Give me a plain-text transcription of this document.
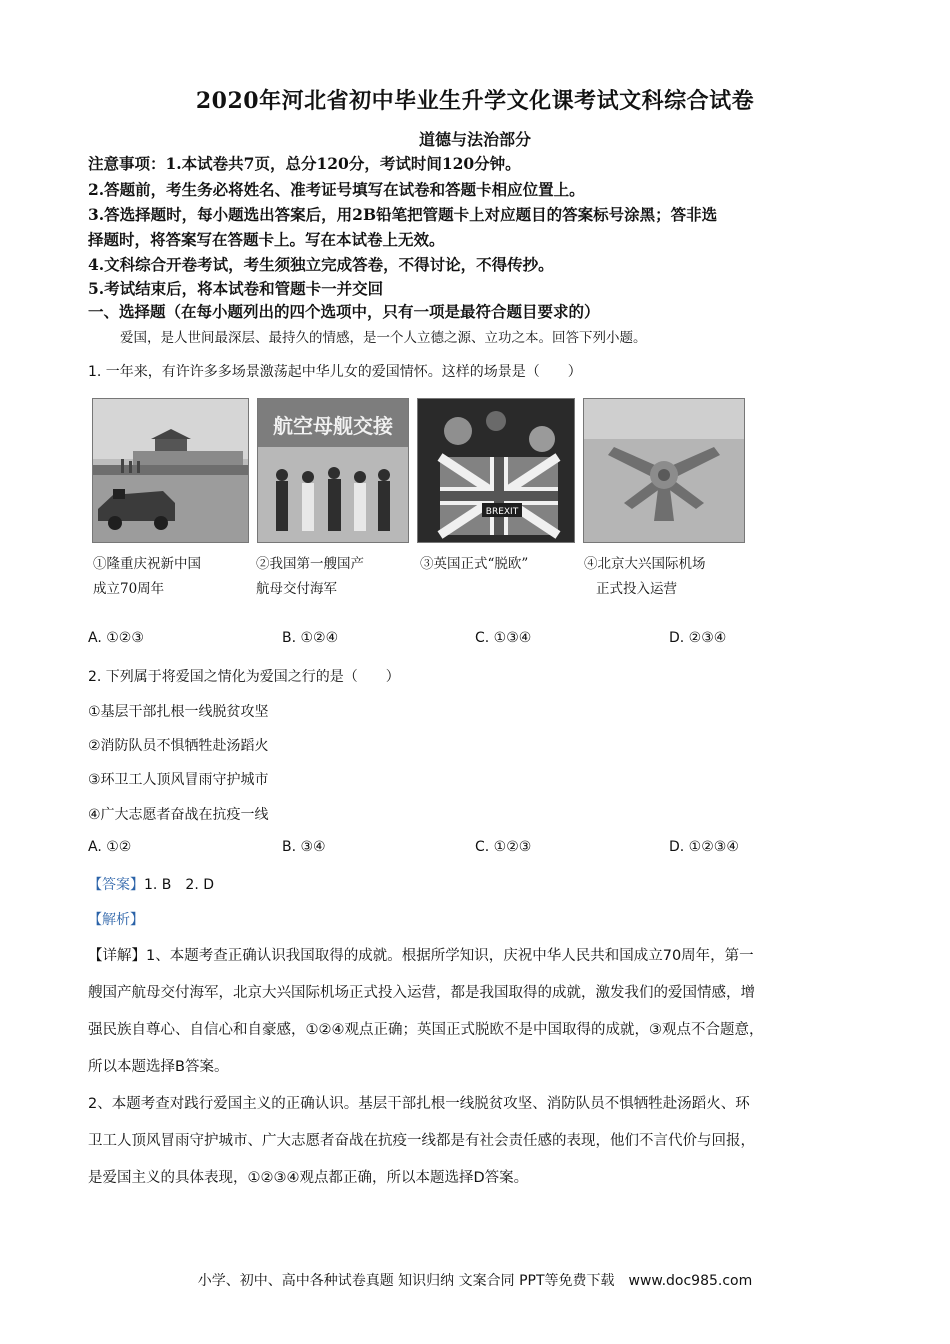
2020年河北省初中毕业生升学文化课考试文科综合试卷
道德与法治部分
注意事项：1.本试卷共7页，总分120分，考试时间120分钟。
2.答题前，考生务必将姓名、准考证号填写在试卷和答题卡相应位置上。
3.答选择题时，每小题选出答案后，用2B铅笔把管题卡上对应题目的答案标号涂黑；答非选
择题时，将答案写在答题卡上。写在本试卷上无效。
4.文科综合开卷考试，考生须独立完成答卷，不得讨论，不得传抄。
5.考试结束后，将本试卷和管题卡一并交回
一、选择题（在每小题列出的四个选项中，只有一项是最符合题目要求的）
爱国，是人世间最深层、最持久的情感，是一个人立德之源、立功之本。回答下列小题。
1. 一年来，有许许多多场景激荡起中华儿女的爱国情怀。这样的场景是（　　）
航空母舰交接
BREXIT
①隆重庆祝新中国
成立70周年
②我国第一艘国产
航母交付海军
③英国正式“脱欧”	④北京大兴国际机场
正式投入运营
A. ①②③	B. ①②④	C. ①③④	D. ②③④
2. 下列属于将爱国之情化为爱国之行的是（　　）
①基层干部扎根一线脱贫攻坚
②消防队员不惧牺牲赴汤蹈火
③环卫工人顶风冒雨守护城市
④广大志愿者奋战在抗疫一线
A. ①②	B. ③④	C. ①②③	D. ①②③④
【答案】1. B　2. D
【解析】
【详解】1、本题考查正确认识我国取得的成就。根据所学知识，庆祝中华人民共和国成立70周年，第一
艘国产航母交付海军，北京大兴国际机场正式投入运营，都是我国取得的成就，激发我们的爱国情感，增
强民族自尊心、自信心和自豪感，①②④观点正确；英国正式脱欧不是中国取得的成就，③观点不合题意，
所以本题选择B答案。
2、本题考查对践行爱国主义的正确认识。基层干部扎根一线脱贫攻坚、消防队员不惧牺牲赴汤蹈火、环
卫工人顶风冒雨守护城市、广大志愿者奋战在抗疫一线都是有社会责任感的表现，他们不言代价与回报，
是爱国主义的具体表现，①②③④观点都正确，所以本题选择D答案。
小学、初中、高中各种试卷真题 知识归纳 文案合同 PPT等免费下载　www.doc985.com
